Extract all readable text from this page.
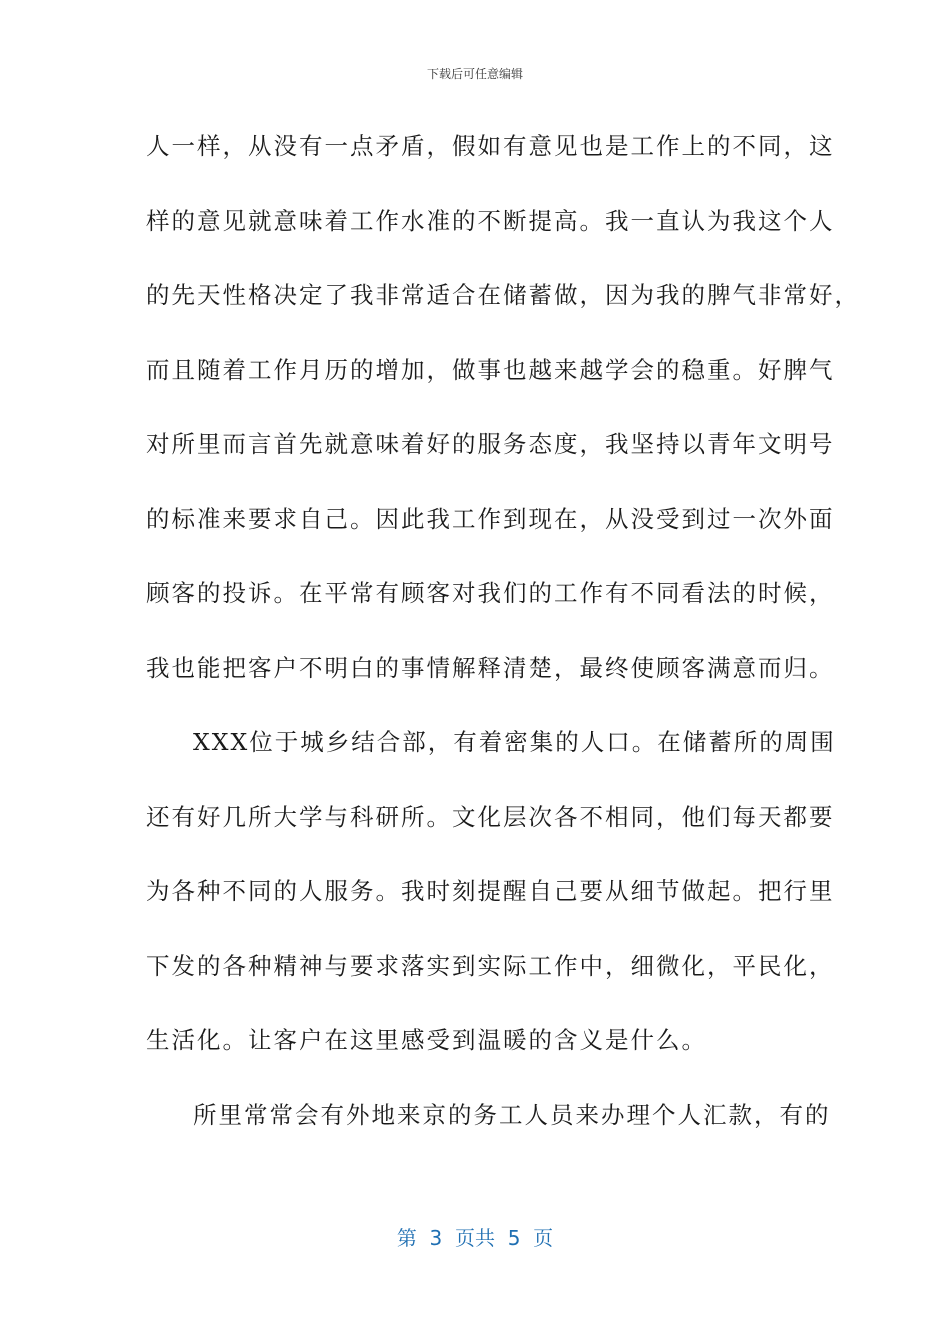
下载后可任意编辑
人一样，从没有一点矛盾，假如有意见也是工作上的不同，这
样的意见就意味着工作水准的不断提高。我一直认为我这个人
的先天性格决定了我非常适合在储蓄做，因为我的脾气非常好，
而且随着工作月历的增加，做事也越来越学会的稳重。好脾气
对所里而言首先就意味着好的服务态度，我坚持以青年文明号
的标准来要求自己。因此我工作到现在，从没受到过一次外面
顾客的投诉。在平常有顾客对我们的工作有不同看法的时候，
我也能把客户不明白的事情解释清楚，最终使顾客满意而归。
XXX位于城乡结合部，有着密集的人口。在储蓄所的周围
还有好几所大学与科研所。文化层次各不相同，他们每天都要
为各种不同的人服务。我时刻提醒自己要从细节做起。把行里
下发的各种精神与要求落实到实际工作中，细微化，平民化，
生活化。让客户在这里感受到温暖的含义是什么。
所里常常会有外地来京的务工人员来办理个人汇款，有的
第  3  页共  5  页
